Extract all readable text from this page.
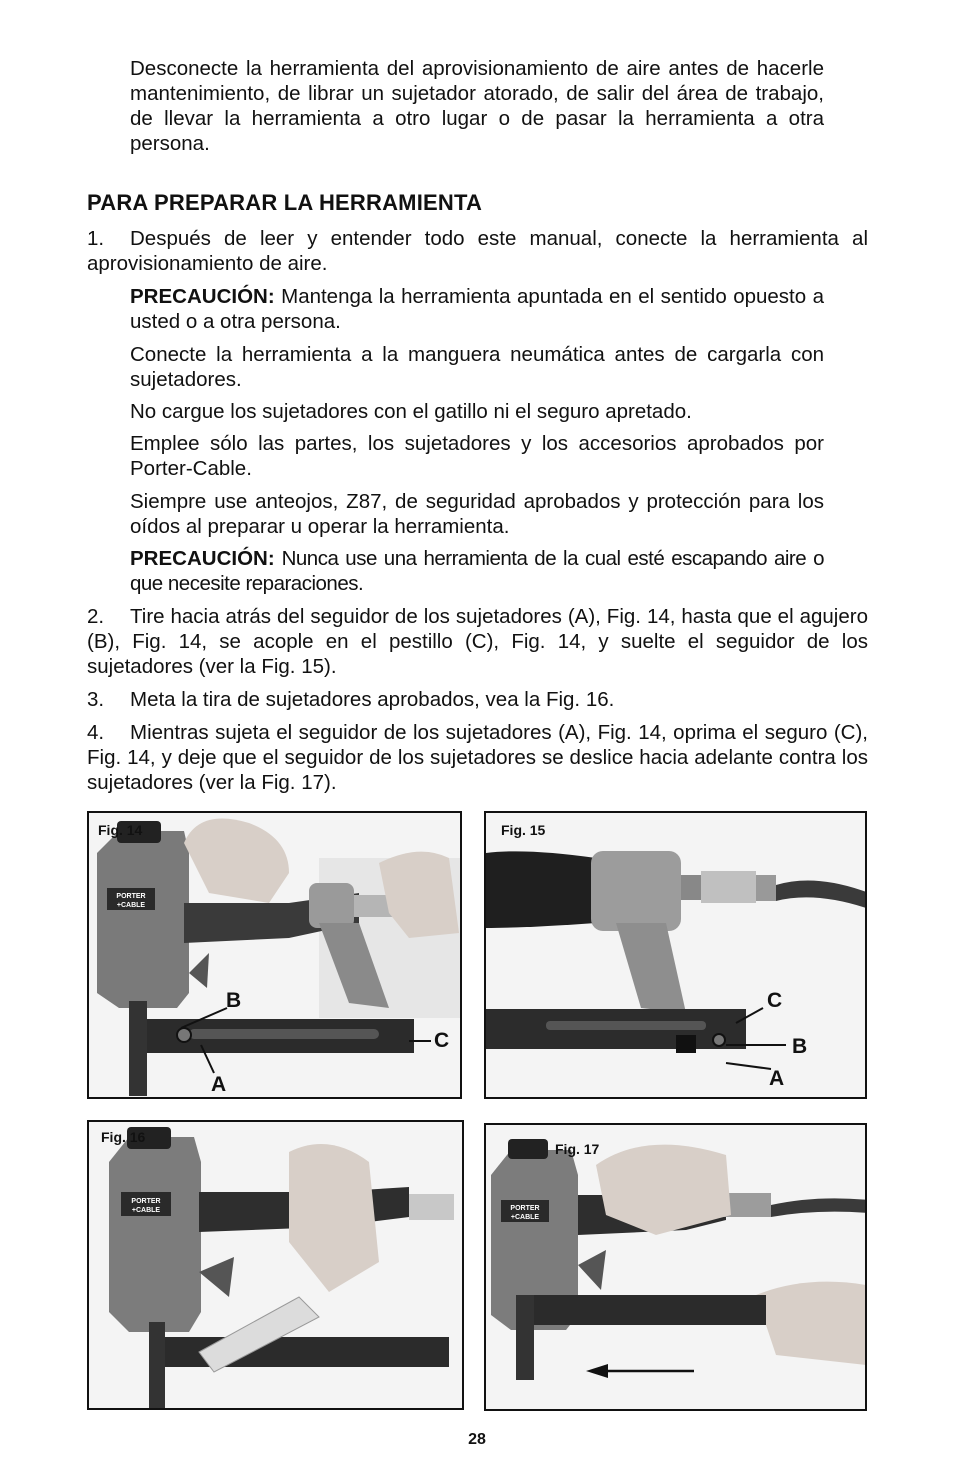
Desconecte la herramienta del aprovisionamiento de aire antes de hacerle mantenimiento, de librar un sujetador atorado, de salir del área de trabajo, de llevar la herramienta a otro lugar o de pasar la herramienta a otra persona.

PARA PREPARAR LA HERRAMIENTA

1. Después de leer y entender todo este manual, conecte la herramienta al aprovisionamiento de aire.

PRECAUCIÓN: Mantenga la herramienta apuntada en el sentido opuesto a usted o a otra persona.

Conecte la herramienta a la manguera neumática antes de cargarla con sujetadores.

No cargue los sujetadores con el gatillo ni el seguro apretado.

Emplee sólo las partes, los sujetadores y los accesorios aprobados por Porter-Cable.

Siempre use anteojos, Z87, de seguridad aprobados y protección para los oídos al preparar u operar la herramienta.

PRECAUCIÓN: Nunca use una herramienta de la cual esté escapando aire o que necesite reparaciones.

2. Tire hacia atrás del seguidor de los sujetadores (A), Fig. 14, hasta que el agujero (B), Fig. 14, se acople en el pestillo (C), Fig. 14, y suelte el seguidor de los sujetadores (ver la Fig. 15).

3. Meta la tira de sujetadores aprobados, vea la Fig. 16.

4. Mientras sujeta el seguidor de los sujetadores (A), Fig. 14, oprima el seguro (C), Fig. 14, y deje que el seguidor de los sujetadores se deslice hacia adelante contra los sujetadores (ver la Fig. 17).

PORTER
+CABLE
Fig. 14
B
C
A
Fig. 15
C
B
A
PORTER
+CABLE
Fig. 16
PORTER
+CABLE
Fig. 17
28
